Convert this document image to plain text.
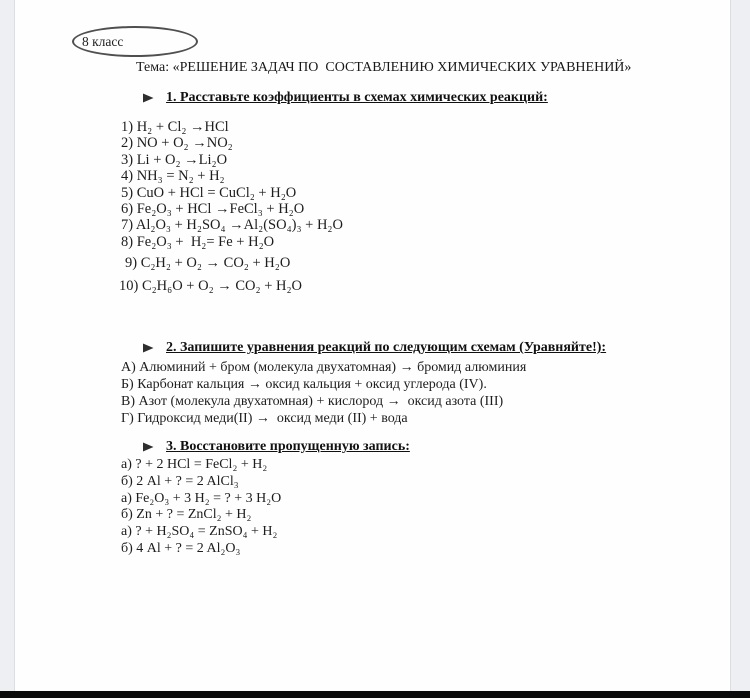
8 класс
Тема: «РЕШЕНИЕ ЗАДАЧ ПО  СОСТАВЛЕНИЮ ХИМИЧЕСКИХ УРАВНЕНИЙ»
1. Расставьте коэффициенты в схемах химических реакций:
1) H₂ + Cl₂ →HCl
2) NO + O₂ →NO₂
3) Li + O₂ →Li₂O
4) NH₃ = N₂ + H₂
5) CuO + HCl = CuCl₂ + H₂O
6) Fe₂O₃ + HCl →FeCl₃ + H₂O
7) Al₂O₃ + H₂SO₄ →Al₂(SO₄)₃ + H₂O
8) Fe₂O₃ +  H₂= Fe + H₂O
9) C₂H₂ + O₂ → CO₂ + H₂O
10) C₂H₆O + O₂ → CO₂ + H₂O
2. Запишите уравнения реакций по следующим схемам (Уравняйте!):
А) Алюминий + бром (молекула двухатомная) → бромид алюминия
Б) Карбонат кальция → оксид кальция + оксид углерода (IV).
В) Азот (молекула двухатомная) + кислород →  оксид азота (III)
Г) Гидроксид меди(II) →  оксид меди (II) + вода
3. Восстановите пропущенную запись:
а) ? + 2 HCl = FeCl₂ + H₂
б) 2 Al + ? = 2 AlCl₃
а) Fe₂O₃ + 3 H₂ = ? + 3 H₂O
б) Zn + ? = ZnCl₂ + H₂
а) ? + H₂SO₄ = ZnSO₄ + H₂
б) 4 Al + ? = 2 Al₂O₃
